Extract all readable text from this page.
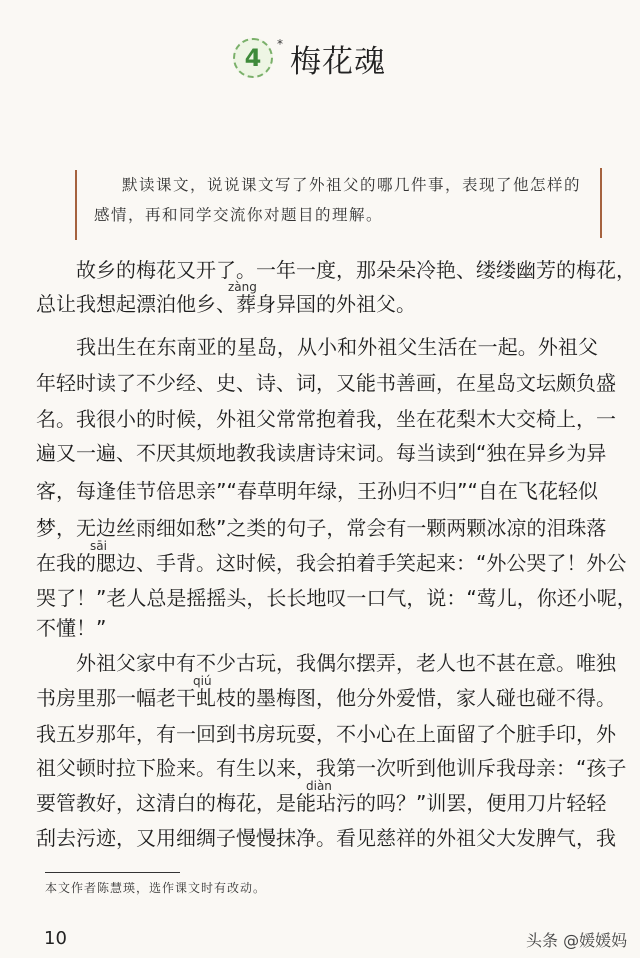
4	* 梅花魂
默读课文，说说课文写了外祖父的哪几件事，表现了他怎样的
感情，再和同学交流你对题目的理解。
　　故乡的梅花又开了。一年一度，那朵朵冷艳、缕缕幽芳的梅花，
总让我想起漂泊他乡、葬身异国的外祖父。
　　我出生在东南亚的星岛，从小和外祖父生活在一起。外祖父
年轻时读了不少经、史、诗、词，又能书善画，在星岛文坛颇负盛
名。我很小的时候，外祖父常常抱着我，坐在花梨木大交椅上，一
遍又一遍、不厌其烦地教我读唐诗宋词。每当读到“独在异乡为异
客，每逢佳节倍思亲”“春草明年绿，王孙归不归”“自在飞花轻似
梦，无边丝雨细如愁”之类的句子，常会有一颗两颗冰凉的泪珠落
在我的腮边、手背。这时候，我会拍着手笑起来：“外公哭了！外公
哭了！”老人总是摇摇头，长长地叹一口气，说：“莺儿，你还小呢，
不懂！”
　　外祖父家中有不少古玩，我偶尔摆弄，老人也不甚在意。唯独
书房里那一幅老干虬枝的墨梅图，他分外爱惜，家人碰也碰不得。
我五岁那年，有一回到书房玩耍，不小心在上面留了个脏手印，外
祖父顿时拉下脸来。有生以来，我第一次听到他训斥我母亲：“孩子
要管教好，这清白的梅花，是能玷污的吗？”训罢，便用刀片轻轻
刮去污迹，又用细绸子慢慢抹净。看见慈祥的外祖父大发脾气，我
zàng
sāi
qiú
diàn
本文作者陈慧瑛，选作课文时有改动。
10	头条 @媛媛妈
